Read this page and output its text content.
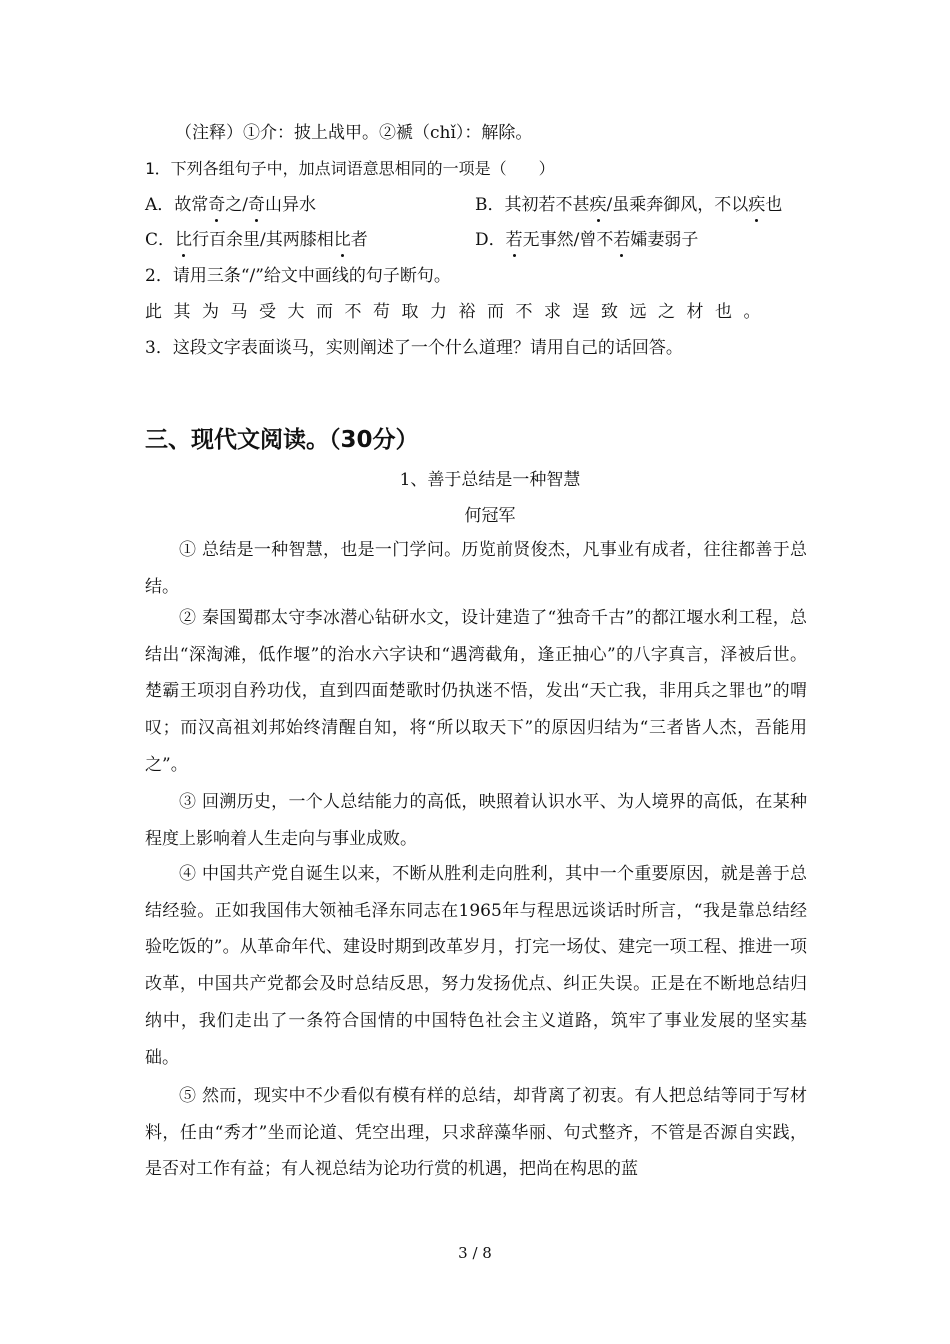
（注释）①介：披上战甲。②褫（chǐ）：解除。
1．下列各组句子中，加点词语意思相同的一项是（　　）
A．故常奇之/奇山异水	B．其初若不甚疾/虽乘奔御风，不以疾也
C．比行百余里/其两膝相比者	D．若无事然/曾不若孀妻弱子
2．请用三条“/”给文中画线的句子断句。
此其为马受大而不苟取力裕而不求逞致远之材也。
3．这段文字表面谈马，实则阐述了一个什么道理？请用自己的话回答。
三、现代文阅读。（30分）
1、善于总结是一种智慧
何冠军
① 总结是一种智慧，也是一门学问。历览前贤俊杰，凡事业有成者，往往都善于总结。
② 秦国蜀郡太守李冰潜心钻研水文，设计建造了“独奇千古”的都江堰水利工程，总结出“深淘滩，低作堰”的治水六字诀和“遇湾截角，逢正抽心”的八字真言，泽被后世。楚霸王项羽自矜功伐，直到四面楚歌时仍执迷不悟，发出“天亡我，非用兵之罪也”的喟叹；而汉高祖刘邦始终清醒自知，将“所以取天下”的原因归结为“三者皆人杰，吾能用之”。
③ 回溯历史，一个人总结能力的高低，映照着认识水平、为人境界的高低，在某种程度上影响着人生走向与事业成败。
④ 中国共产党自诞生以来，不断从胜利走向胜利，其中一个重要原因，就是善于总结经验。正如我国伟大领袖毛泽东同志在1965年与程思远谈话时所言，“我是靠总结经验吃饭的”。从革命年代、建设时期到改革岁月，打完一场仗、建完一项工程、推进一项改革，中国共产党都会及时总结反思，努力发扬优点、纠正失误。正是在不断地总结归纳中，我们走出了一条符合国情的中国特色社会主义道路，筑牢了事业发展的坚实基础。
⑤ 然而，现实中不少看似有模有样的总结，却背离了初衷。有人把总结等同于写材料，任由“秀才”坐而论道、凭空出理，只求辞藻华丽、句式整齐，不管是否源自实践，是否对工作有益；有人视总结为论功行赏的机遇，把尚在构思的蓝
3 / 8
